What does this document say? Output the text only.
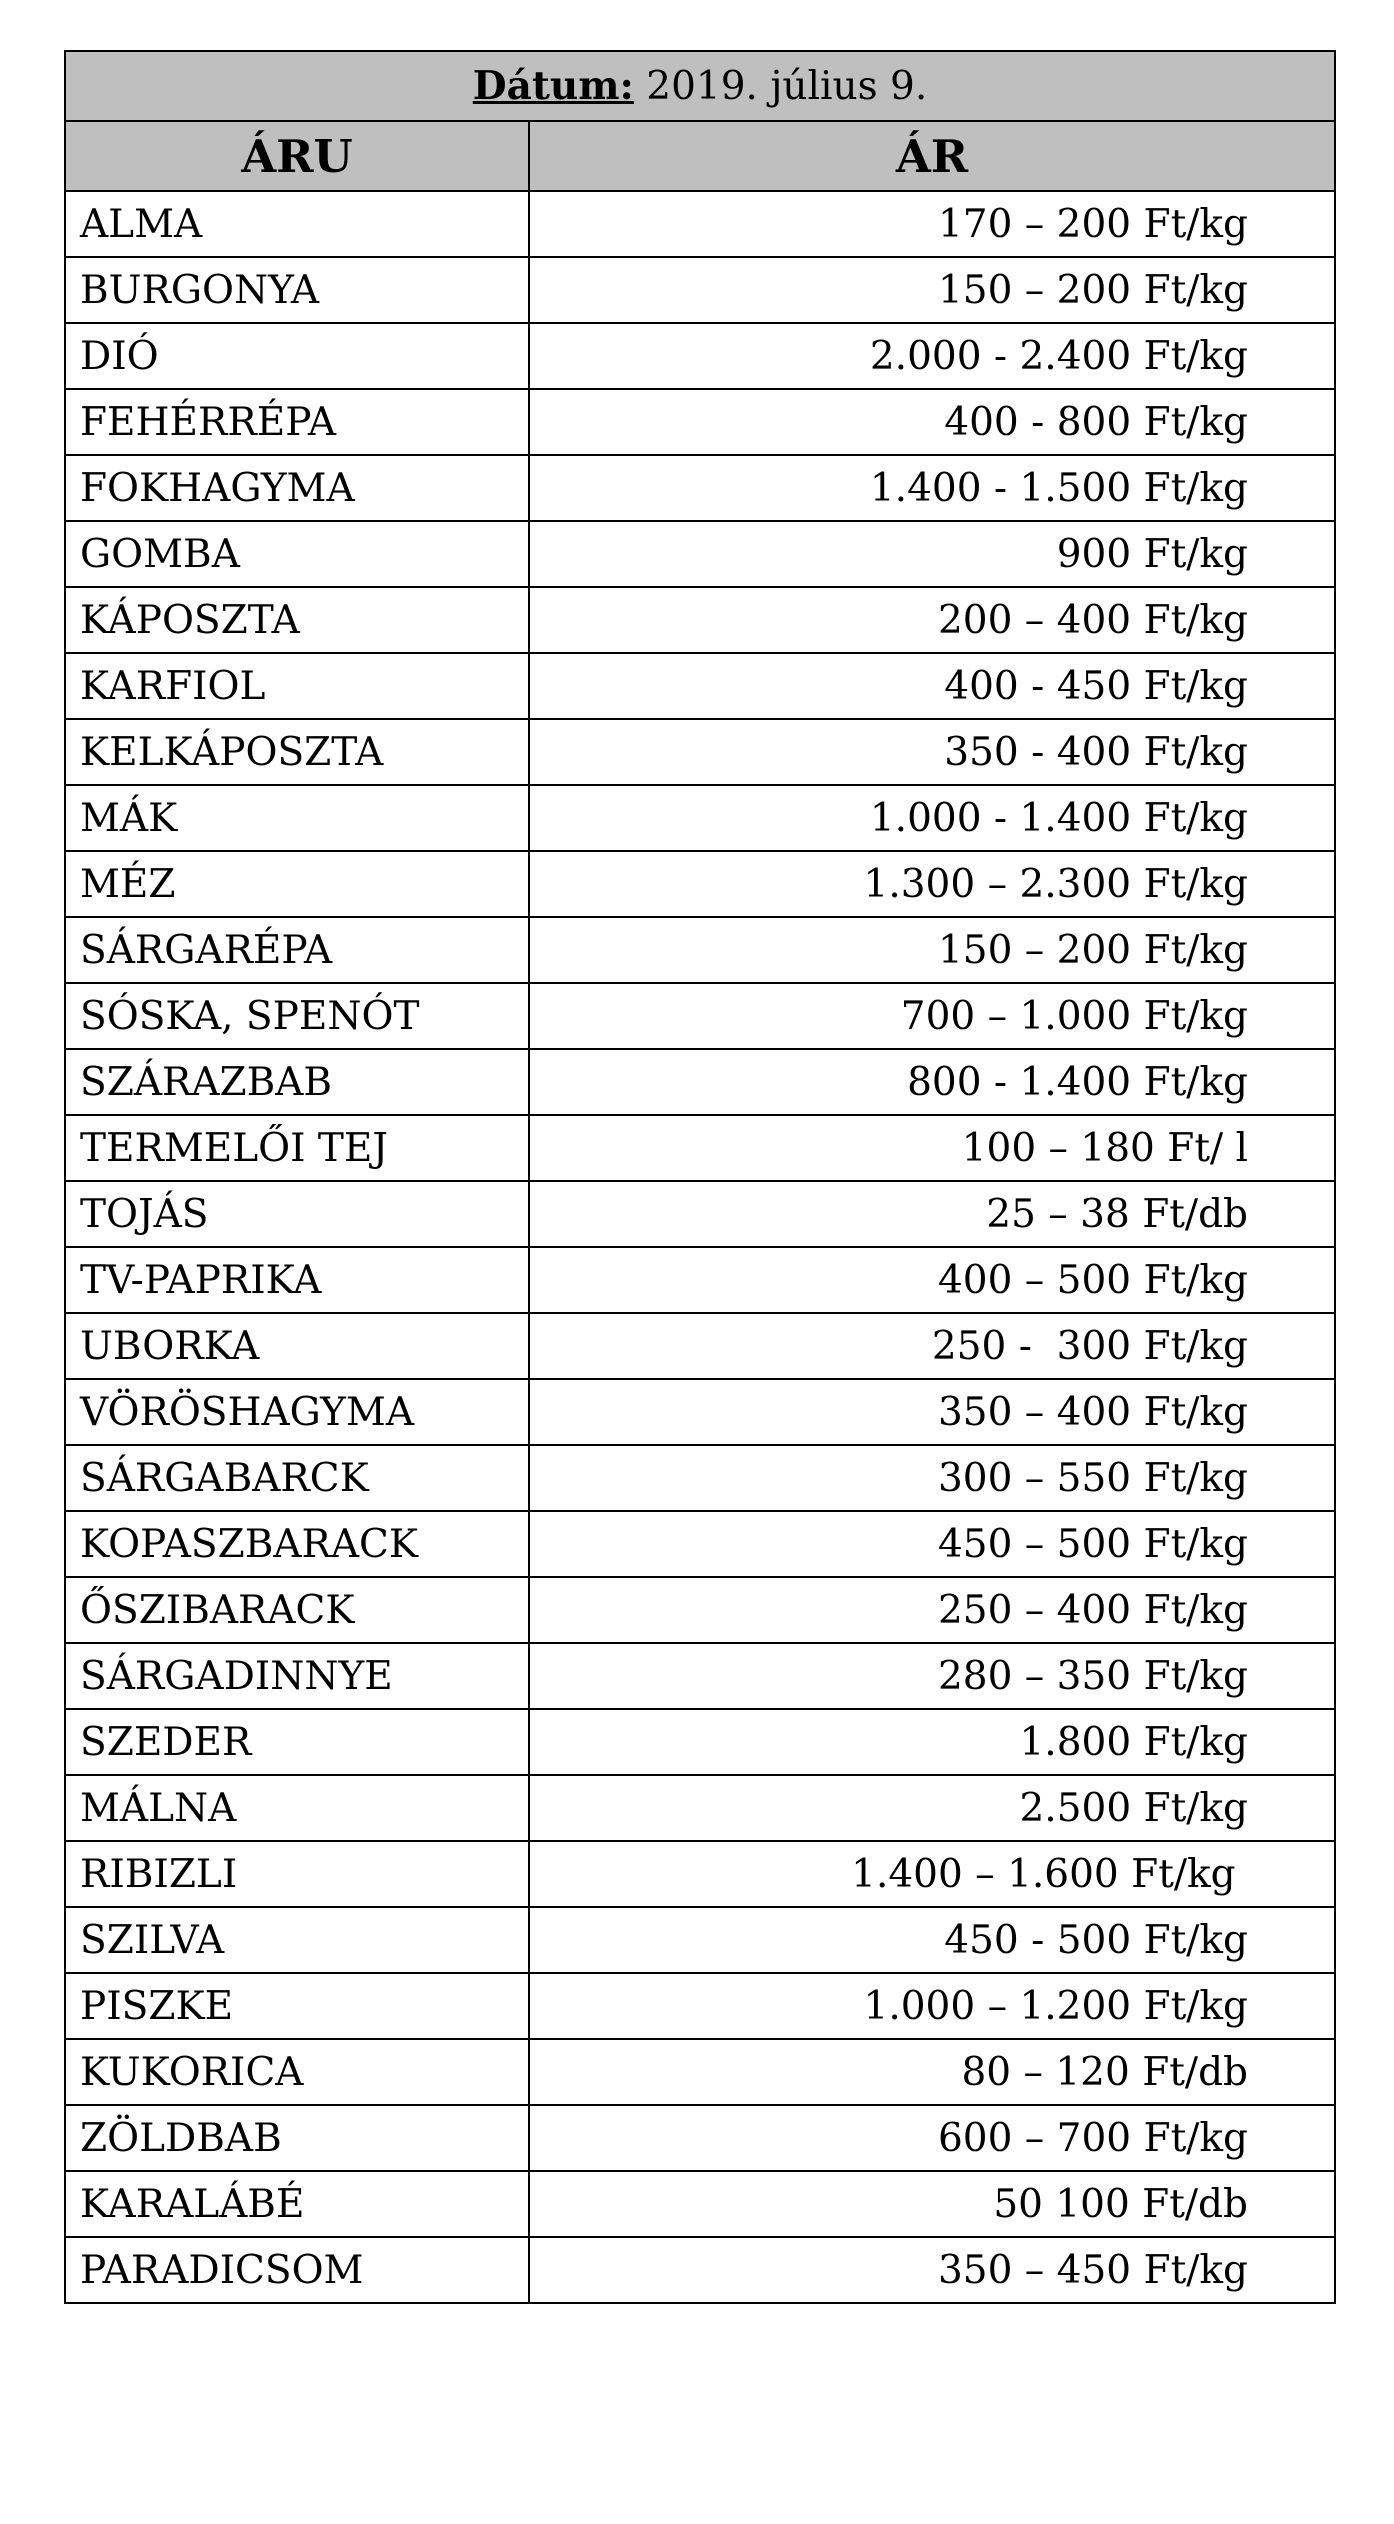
Dátum: 2019. július 9.	
ÁRU	ÁR
ALMA	170 – 200 Ft/kg
BURGONYA	150 – 200 Ft/kg
DIÓ	2.000 - 2.400 Ft/kg
FEHÉRRÉPA	400 - 800 Ft/kg
FOKHAGYMA	1.400 - 1.500 Ft/kg
GOMBA	900 Ft/kg
KÁPOSZTA	200 – 400 Ft/kg
KARFIOL	400 - 450 Ft/kg
KELKÁPOSZTA	350 - 400 Ft/kg
MÁK	1.000 - 1.400 Ft/kg
MÉZ	1.300 – 2.300 Ft/kg
SÁRGARÉPA	150 – 200 Ft/kg
SÓSKA, SPENÓT	700 – 1.000 Ft/kg
SZÁRAZBAB	800 - 1.400 Ft/kg
TERMELŐI TEJ	100 – 180 Ft/ l
TOJÁS	25 – 38 Ft/db
TV-PAPRIKA	400 – 500 Ft/kg
UBORKA	250 -  300 Ft/kg
VÖRÖSHAGYMA	350 – 400 Ft/kg
SÁRGABARCK	300 – 550 Ft/kg
KOPASZBARACK	450 – 500 Ft/kg
ŐSZIBARACK	250 – 400 Ft/kg
SÁRGADINNYE	280 – 350 Ft/kg
SZEDER	1.800 Ft/kg
MÁLNA	2.500 Ft/kg
RIBIZLI	1.400 – 1.600 Ft/kg
SZILVA	450 - 500 Ft/kg
PISZKE	1.000 – 1.200 Ft/kg
KUKORICA	80 – 120 Ft/db
ZÖLDBAB	600 – 700 Ft/kg
KARALÁBÉ	50 100 Ft/db
PARADICSOM	350 – 450 Ft/kg
